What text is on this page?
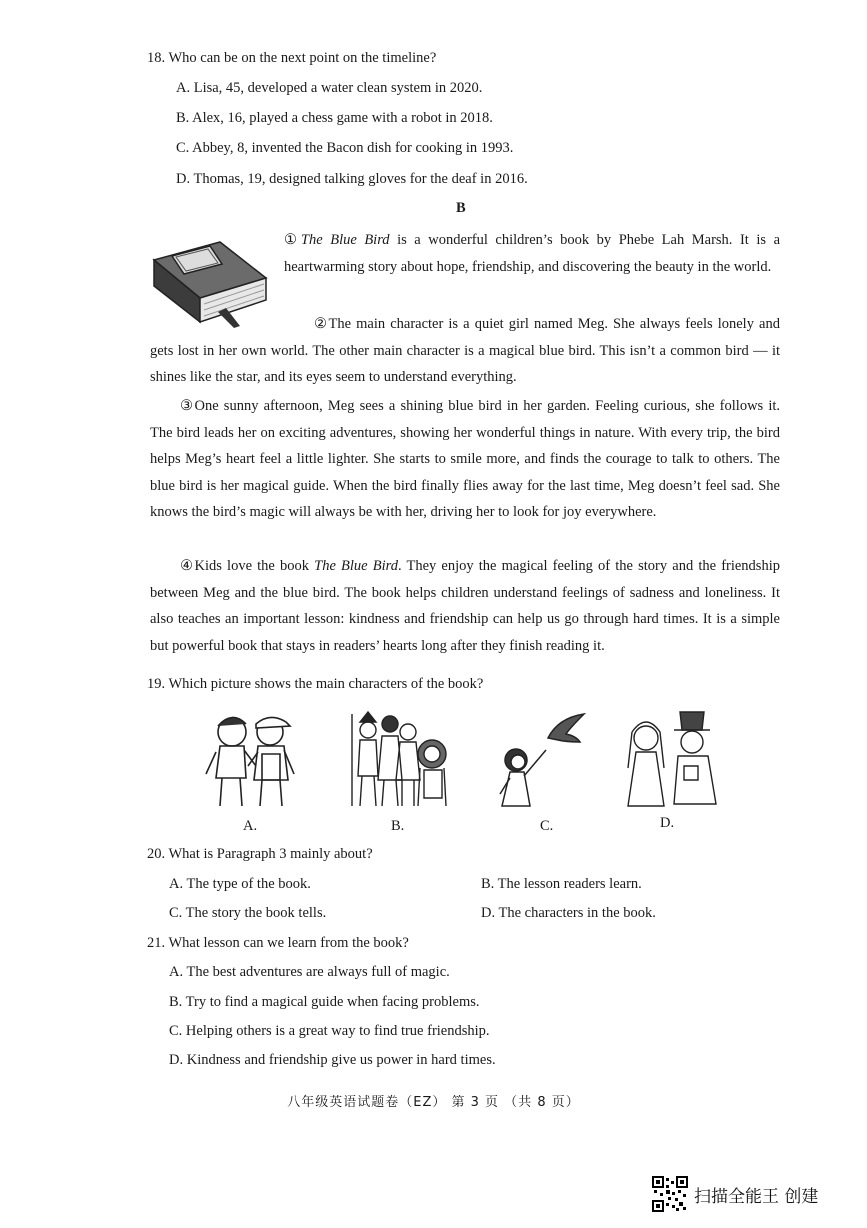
18. Who can be on the next point on the timeline?
A. Lisa, 45, developed a water clean system in 2020.
B. Alex, 16, played a chess game with a robot in 2018.
C. Abbey, 8, invented the Bacon dish for cooking in 1993.
D. Thomas, 19, designed talking gloves for the deaf in 2016.
B
①The Blue Bird is a wonderful children’s book by Phebe Lah Marsh. It is a heartwarming story about hope, friendship, and discovering the beauty in the world.
②The main character is a quiet girl named Meg. She always feels lonely and gets lost in her own world. The other main character is a magical blue bird. This isn’t a common bird — it shines like the star, and its eyes seem to understand everything.
③One sunny afternoon, Meg sees a shining blue bird in her garden. Feeling curious, she follows it. The bird leads her on exciting adventures, showing her wonderful things in nature. With every trip, the bird helps Meg’s heart feel a little lighter. She starts to smile more, and finds the courage to talk to others. The blue bird is her magical guide. When the bird finally flies away for the last time, Meg doesn’t feel sad. She knows the bird’s magic will always be with her, driving her to look for joy everywhere.
④Kids love the book The Blue Bird. They enjoy the magical feeling of the story and the friendship between Meg and the blue bird. The book helps children understand feelings of sadness and loneliness. It also teaches an important lesson: kindness and friendship can help us go through hard times. It is a simple but powerful book that stays in readers’ hearts long after they finish reading it.
19. Which picture shows the main characters of the book?
A.	B.	C.	D.
20. What is Paragraph 3 mainly about?
A. The type of the book.	B. The lesson readers learn.
C. The story the book tells.	D. The characters in the book.
21. What lesson can we learn from the book?
A. The best adventures are always full of magic.
B. Try to find a magical guide when facing problems.
C. Helping others is a great way to find true friendship.
D. Kindness and friendship give us power in hard times.
八年级英语试题卷（EZ） 第 3 页 （共 8 页）
扫描全能王 创建
